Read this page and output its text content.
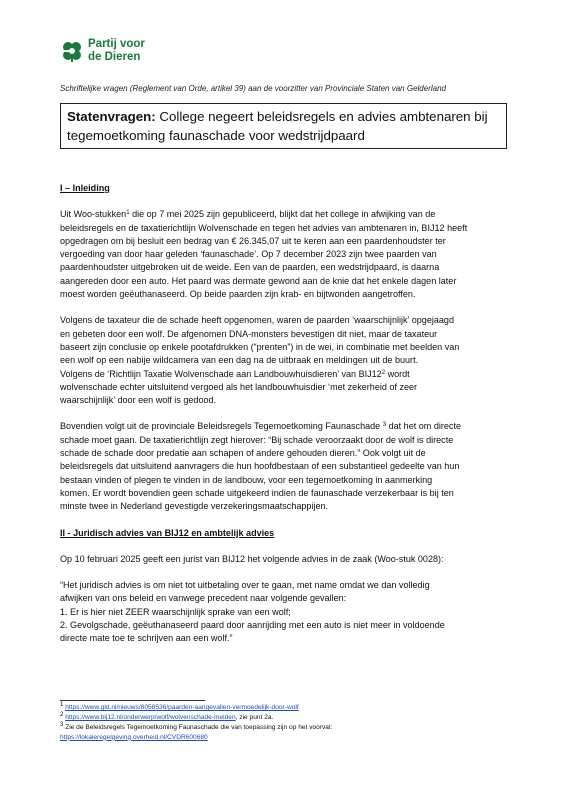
Partij voor
de Dieren
Schriftelijke vragen (Reglement van Orde, artikel 39) aan de voorzitter van Provinciale Staten van Gelderland
Statenvragen: College negeert beleidsregels en advies ambtenaren bij
tegemoetkoming faunaschade voor wedstrijdpaard

I – Inleiding

Uit Woo-stukken$^1$ die op 7 mei 2025 zijn gepubliceerd, blijkt dat het college in afwijking van de
beleidsregels en de taxatierichtlijn Wolvenschade en tegen het advies van ambtenaren in, BIJ12 heeft
opgedragen om bij besluit een bedrag van € 26.345,07 uit te keren aan een paardenhoudster ter
vergoeding van door haar geleden ‘faunaschade’. Op 7 december 2023 zijn twee paarden van
paardenhoudster uitgebroken uit de weide. Een van de paarden, een wedstrijdpaard, is daarna
aangereden door een auto. Het paard was dermate gewond aan de knie dat het enkele dagen later
moest worden geëuthanaseerd. Op beide paarden zijn krab- en bijtwonden aangetroffen.

Volgens de taxateur die de schade heeft opgenomen, waren de paarden ‘waarschijnlijk’ opgejaagd
en gebeten door een wolf. De afgenomen DNA-monsters bevestigen dit niet, maar de taxateur
baseert zijn conclusie op enkele pootafdrukken (“prenten”) in de wei, in combinatie met beelden van
een wolf op een nabije wildcamera van een dag na de uitbraak en meldingen uit de buurt.
Volgens de ‘Richtlijn Taxatie Wolvenschade aan Landbouwhuisdieren’ van $BIJ12^2$ wordt
wolvenschade echter uitsluitend vergoed als het landbouwhuisdier ‘met zekerheid of zeer
waarschijnlijk’ door een wolf is gedood.

Bovendien volgt uit de provinciale Beleidsregels Tegemoetkoming Faunaschade $^3$ dat het om directe
schade moet gaan. De taxatierichtlijn zegt hierover: “Bij schade veroorzaakt door de wolf is directe
schade de schade door predatie aan schapen of andere gehouden dieren.” Ook volgt uit de
beleidsregels dat uitsluitend aanvragers die hun hoofdbestaan of een substantieel gedeelte van hun
bestaan vinden of plegen te vinden in de landbouw, voor een tegemoetkoming in aanmerking
komen. Er wordt bovendien geen schade uitgekeerd indien de faunaschade verzekerbaar is bij ten
minste twee in Nederland gevestigde verzekeringsmaatschappijen.

II - Juridisch advies van BIJ12 en ambtelijk advies

Op 10 februari 2025 geeft een jurist van BIJ12 het volgende advies in de zaak (Woo-stuk 0028):

“Het juridisch advies is om niet tot uitbetaling over te gaan, met name omdat we dan volledig
afwijken van ons beleid en vanwege precedent naar volgende gevallen:
1. Er is hier niet ZEER waarschijnlijk sprake van een wolf;
2. Gevolgschade, geëuthanaseerd paard door aanrijding met een auto is niet meer in voldoende
directe mate toe te schrijven aan een wolf.”

$^1$ https://www.gld.nl/nieuws/8058536/paarden-aangevallen-vermoedelijk-door-wolf
$^2$ https://www.bij12.nl/onderwerp/wolf/wolvenschade-melden, zie punt 2a.
$^3$ Zie de Beleidsregels Tegemoetkoming Faunaschade die van toepassing zijn op het voorval:
https://lokaleregelgeving.overheid.nl/CVDR600680
